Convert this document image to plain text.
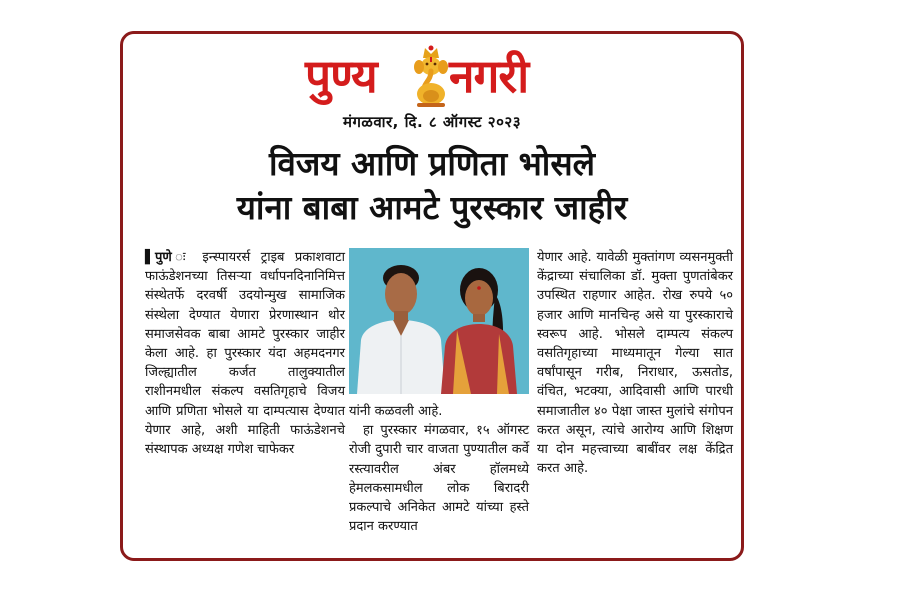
पुण्य नगरी
मंगळवार, दि. ८ ऑगस्ट २०२३
विजय आणि प्रणिता भोसले
यांना बाबा आमटे पुरस्कार जाहीर

▌पुणे ः इन्स्पायरर्स ट्राइब प्रकाशवाटा फाऊंडेशनच्या तिसऱ्या वर्धापनदिनानिमित्त संस्थेतर्फे दरवर्षी उदयोन्मुख सामाजिक संस्थेला देण्यात येणारा प्रेरणास्थान थोर समाजसेवक बाबा आमटे पुरस्कार जाहीर केला आहे. हा पुरस्कार यंदा अहमदनगर जिल्ह्यातील कर्जत तालुक्यातील राशीनमधील संकल्प वसतिगृहाचे विजय आणि प्रणिता भोसले या दाम्पत्यास देण्यात येणार आहे, अशी माहिती फाऊंडेशनचे संस्थापक अध्यक्ष गणेश चाफेकर

यांनी कळवली आहे.

हा पुरस्कार मंगळवार, १५ ऑगस्ट रोजी दुपारी चार वाजता पुण्यातील कर्वे रस्त्यावरील अंबर हॉलमध्ये हेमलकसामधील लोक बिरादरी प्रकल्पाचे अनिकेत आमटे यांच्या हस्ते प्रदान करण्यात

येणार आहे. यावेळी मुक्तांगण व्यसनमुक्ती केंद्राच्या संचालिका डॉ. मुक्ता पुणतांबेकर उपस्थित राहणार आहेत. रोख रुपये ५० हजार आणि मानचिन्ह असे या पुरस्काराचे स्वरूप आहे. भोसले दाम्पत्य संकल्प वसतिगृहाच्या माध्यमातून गेल्या सात वर्षांपासून गरीब, निराधार, ऊसतोड, वंचित, भटक्या, आदिवासी आणि पारधी समाजातील ४० पेक्षा जास्त मुलांचे संगोपन करत असून, त्यांचे आरोग्य आणि शिक्षण या दोन महत्त्वाच्या बाबींवर लक्ष केंद्रित करत आहे.
